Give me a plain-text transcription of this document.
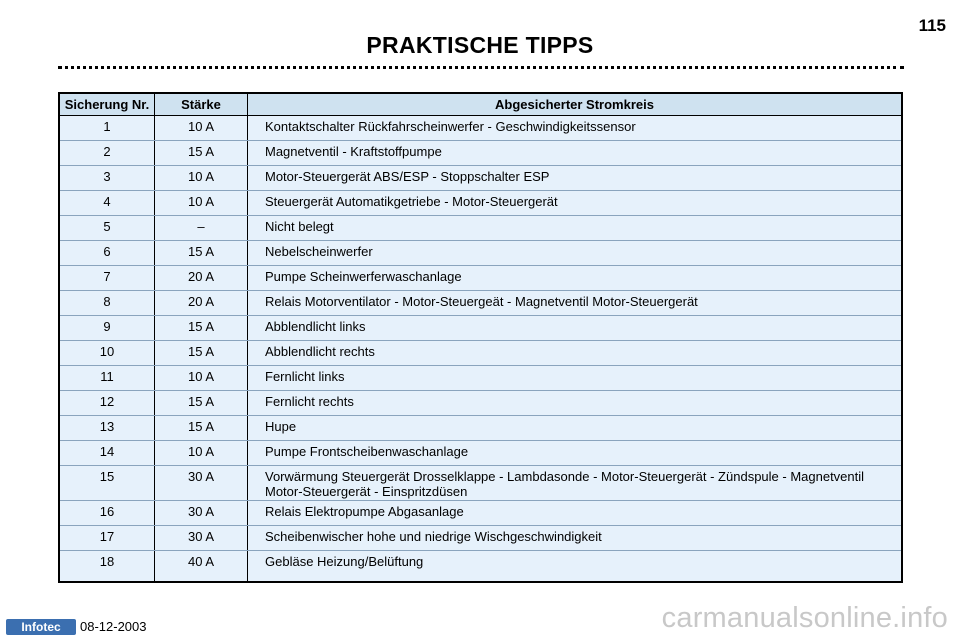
115
PRAKTISCHE TIPPS
Sicherung Nr.	Stärke	Abgesicherter Stromkreis
1	10 A	Kontaktschalter Rückfahrscheinwerfer - Geschwindigkeitssensor
2	15 A	Magnetventil - Kraftstoffpumpe
3	10 A	Motor-Steuergerät ABS/ESP - Stoppschalter ESP
4	10 A	Steuergerät Automatikgetriebe - Motor-Steuergerät
5	–	Nicht belegt
6	15 A	Nebelscheinwerfer
7	20 A	Pumpe Scheinwerferwaschanlage
8	20 A	Relais Motorventilator - Motor-Steuergeät - Magnetventil Motor-Steuergerät
9	15 A	Abblendlicht links
10	15 A	Abblendlicht rechts
11	10 A	Fernlicht links
12	15 A	Fernlicht rechts
13	15 A	Hupe
14	10 A	Pumpe Frontscheibenwaschanlage
15	30 A	Vorwärmung Steuergerät Drosselklappe - Lambdasonde - Motor-Steuergerät - Zündspule - Magnetventil Motor-Steuergerät - Einspritzdüsen
16	30 A	Relais Elektropumpe Abgasanlage
17	30 A	Scheibenwischer hohe und niedrige Wischgeschwindigkeit
18	40 A	Gebläse Heizung/Belüftung
Infotec	08-12-2003	carmanualsonline.info
